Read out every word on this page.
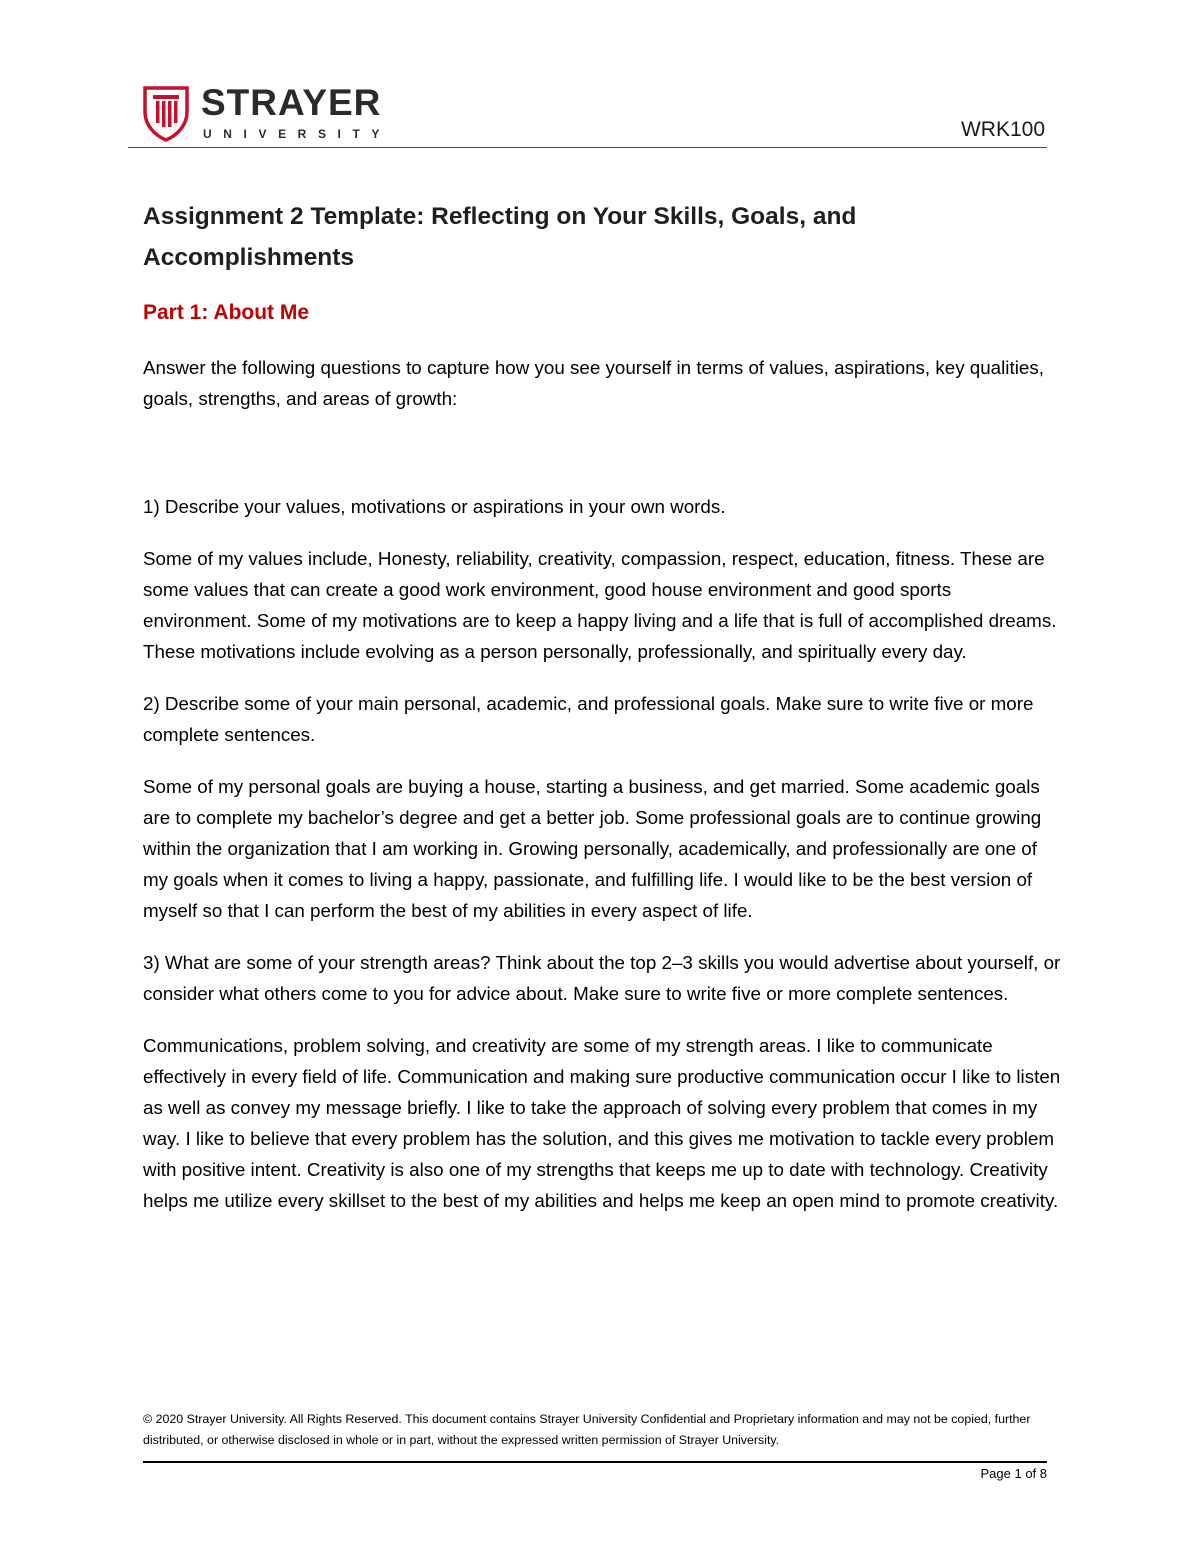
STRAYER
UNIVERSITY	WRK100
Assignment 2 Template: Reflecting on Your Skills, Goals, and Accomplishments
Part 1: About Me

Answer the following questions to capture how you see yourself in terms of values, aspirations, key qualities, goals, strengths, and areas of growth:

1) Describe your values, motivations or aspirations in your own words.

Some of my values include, Honesty, reliability, creativity, compassion, respect, education, fitness. These are some values that can create a good work environment, good house environment and good sports environment. Some of my motivations are to keep a happy living and a life that is full of accomplished dreams. These motivations include evolving as a person personally, professionally, and spiritually every day.

2) Describe some of your main personal, academic, and professional goals. Make sure to write five or more complete sentences.

Some of my personal goals are buying a house, starting a business, and get married. Some academic goals are to complete my bachelor’s degree and get a better job. Some professional goals are to continue growing within the organization that I am working in. Growing personally, academically, and professionally are one of my goals when it comes to living a happy, passionate, and fulfilling life. I would like to be the best version of myself so that I can perform the best of my abilities in every aspect of life.

3) What are some of your strength areas? Think about the top 2–3 skills you would advertise about yourself, or consider what others come to you for advice about. Make sure to write five or more complete sentences.

Communications, problem solving, and creativity are some of my strength areas. I like to communicate effectively in every field of life. Communication and making sure productive communication occur I like to listen as well as convey my message briefly. I like to take the approach of solving every problem that comes in my way. I like to believe that every problem has the solution, and this gives me motivation to tackle every problem with positive intent. Creativity is also one of my strengths that keeps me up to date with technology. Creativity helps me utilize every skillset to the best of my abilities and helps me keep an open mind to promote creativity.

© 2020 Strayer University. All Rights Reserved. This document contains Strayer University Confidential and Proprietary information and may not be copied, further distributed, or otherwise disclosed in whole or in part, without the expressed written permission of Strayer University.
Page 1 of 8
